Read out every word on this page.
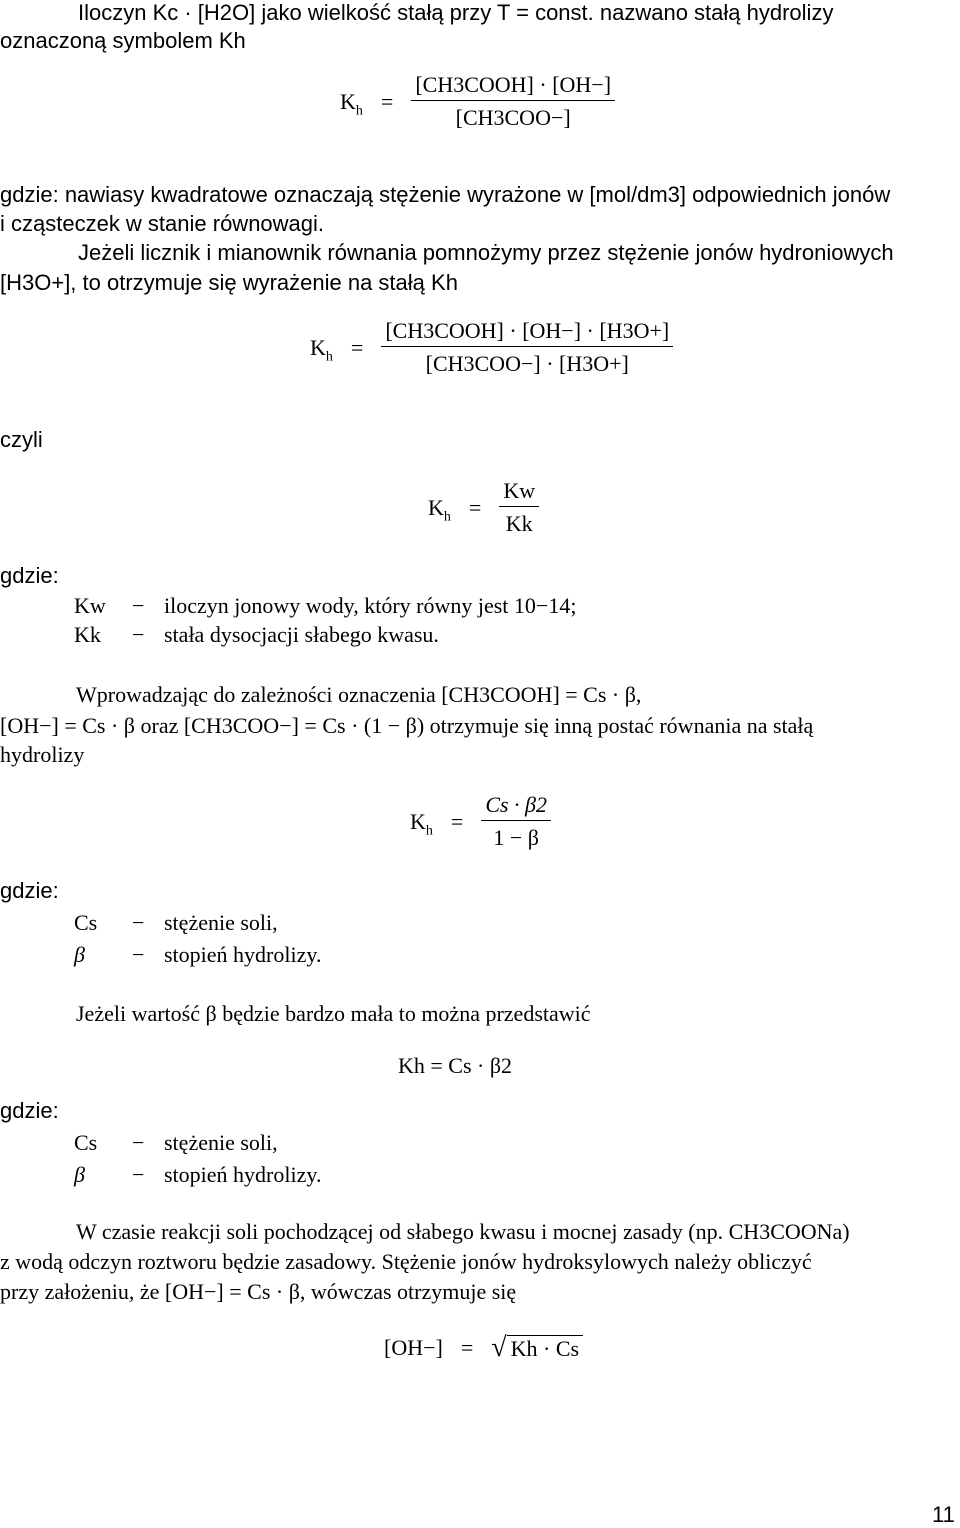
Iloczyn Kc · [H2O] jako wielkość stałą przy T = const. nazwano stałą hydrolizy
oznaczoną symbolem Kh
$K_h = \frac{\text{[CH3COOH] · [OH−]}}{\text{[CH3COO−]}}$
gdzie: nawiasy kwadratowe oznaczają stężenie wyrażone w [mol/dm3] odpowiednich jonów
i cząsteczek w stanie równowagi.
Jeżeli licznik i mianownik równania pomnożymy przez stężenie jonów hydroniowych
[H3O+], to otrzymuje się wyrażenie na stałą Kh
$K_h = \frac{\text{[CH3COOH] · [OH−] · [H3O+]}}{\text{[CH3COO−] · [H3O+]}}$
czyli
$K_h = \frac{Kw}{Kk}$
gdzie:
Kw − iloczyn jonowy wody, który równy jest 10−14;
Kk − stała dysocjacji słabego kwasu.
Wprowadzając do zależności oznaczenia [CH3COOH] = Cs · β,
[OH−] = Cs · β oraz [CH3COO−] = Cs · (1 − β) otrzymuje się inną postać równania na stałą
hydrolizy
$K_h = \frac{Cs \cdot \beta 2}{1 - \beta}$
gdzie:
Cs − stężenie soli,
β − stopień hydrolizy.
Jeżeli wartość β będzie bardzo mała to można przedstawić
Kh = Cs · β2
gdzie:
Cs − stężenie soli,
β − stopień hydrolizy.
W czasie reakcji soli pochodzącej od słabego kwasu i mocnej zasady (np. CH3COONa)
z wodą odczyn roztworu będzie zasadowy. Stężenie jonów hydroksylowych należy obliczyć
przy założeniu, że [OH−] = Cs · β, wówczas otrzymuje się
[OH−] = √ Kh · Cs
11
